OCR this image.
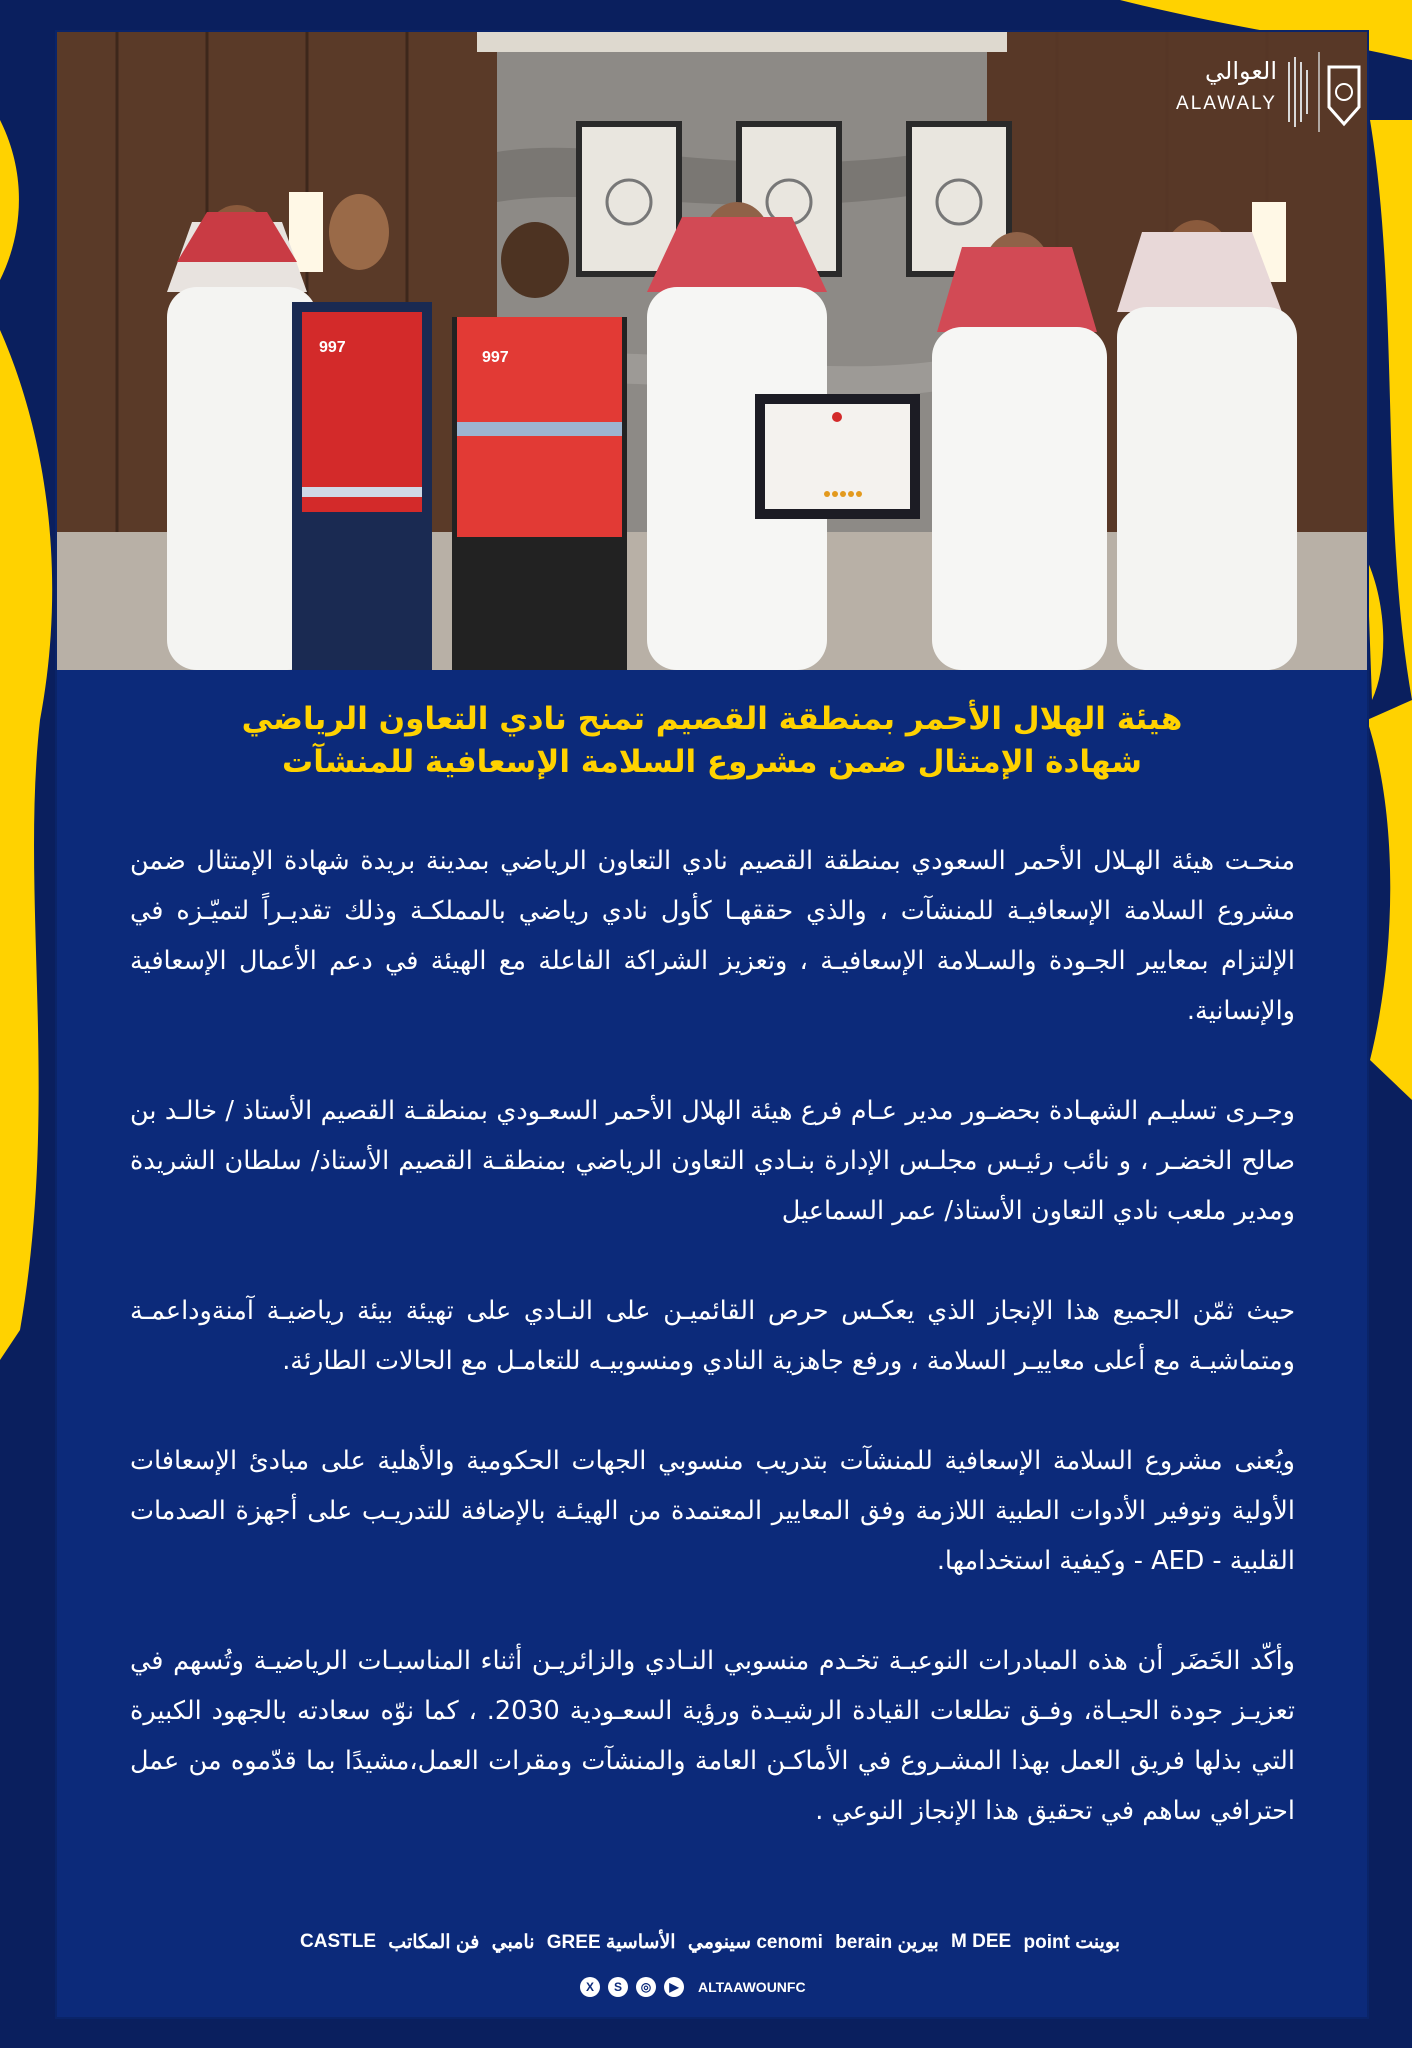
997
997
العوالي
ALAWALY
هيئة الهلال الأحمر بمنطقة القصيم تمنح نادي التعاون الرياضي
شهادة الإمتثال ضمن مشروع السلامة الإسعافية للمنشآت

منحـت هيئة الهـلال الأحمر السعودي بمنطقة القصيم نادي التعاون الرياضي بمدينة بريدة شهادة الإمتثال ضمن مشروع السلامة الإسعافيـة للمنشآت ، والذي حققهـا كأول نادي رياضي بالمملكـة وذلك تقديـراً لتميّـزه في الإلتزام بمعايير الجـودة والسـلامة الإسعافيـة ، وتعزيز الشراكة الفاعلة مع الهيئة في دعم الأعمال الإسعافية والإنسانية.

وجـرى تسليـم الشهـادة بحضـور مدير عـام فرع هيئة الهلال الأحمر السعـودي بمنطقـة القصيم الأستاذ / خالـد بن صالح الخضـر ، و نائب رئيـس مجلـس الإدارة بنـادي التعاون الرياضي بمنطقـة القصيم الأستاذ/ سلطان الشريدة ومدير ملعب نادي التعاون الأستاذ/ عمر السماعيل

حيث ثمّن الجميع هذا الإنجاز الذي يعكـس حرص القائميـن على النـادي على تهيئة بيئة رياضيـة آمنةوداعمـة ومتماشيـة مع أعلى معاييـر السلامة ، ورفع جاهزية النادي ومنسوبيـه للتعامـل مع الحالات الطارئة.

ويُعنى مشروع السلامة الإسعافية للمنشآت بتدريب منسوبي الجهات الحكومية والأهلية على مبادئ الإسعافات الأولية وتوفير الأدوات الطبية اللازمة وفق المعايير المعتمدة من الهيئـة بالإضافة للتدريـب على أجهزة الصدمات القلبية - AED - وكيفية استخدامها.

وأكّد الخَضَر أن هذه المبادرات النوعيـة تخـدم منسوبي النـادي والزائريـن أثناء المناسبـات الرياضيـة وتُسهم في تعزيـز جودة الحيـاة، وفـق تطلعات القيادة الرشيـدة ورؤية السعـودية 2030. ، كما نوّه سعادته بالجهود الكبيرة التي بذلها فريق العمل بهذا المشـروع في الأماكـن العامة والمنشآت ومقرات العمل،مشيدًا بما قدّموه من عمل احترافي ساهم في تحقيق هذا الإنجاز النوعي .

point بوينت
M DEE
berain بيرين
سينومي cenomi
GREE الأساسية
نامبي
فن المكاتب
CASTLE
X	S	◎	▶	ALTAAWOUNFC
